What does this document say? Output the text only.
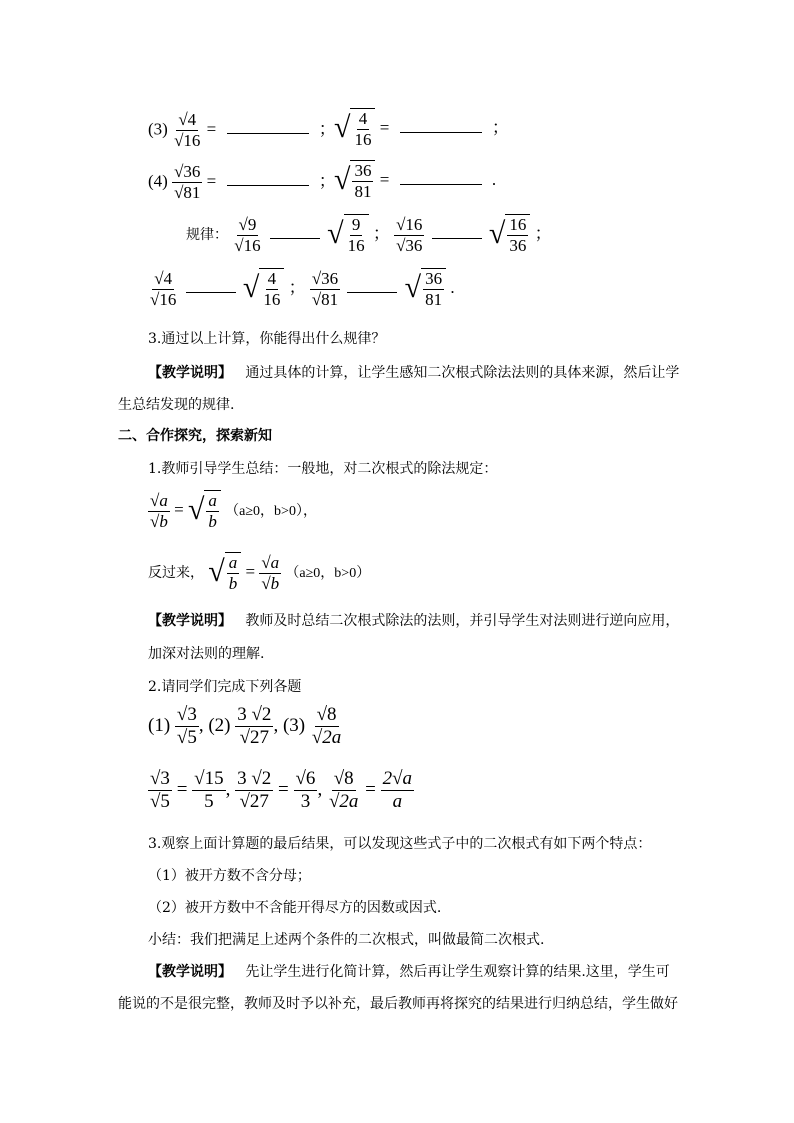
$(3) \frac{√4}{√16}$ =	；
√ $\frac{4}{16}$ =	；
$(4) \frac{√36}{√81}$ =	；
√ $\frac{36}{81}$ =	.
规律： $\frac{√9}{√16}$
√ $\frac{9}{16}$ ； $\frac{√16}{√36}$
√ $\frac{16}{36}$ ；
$\frac{√4}{√16}$
√ $\frac{4}{16}$ ； $\frac{√36}{√81}$
√ $\frac{36}{81}$ .
3.通过以上计算，你能得出什么规律？
【教学说明】 通过具体的计算，让学生感知二次根式除法法则的具体来源，然后让学
生总结发现的规律.
二、合作探究，探索新知
1.教师引导学生总结：一般地，对二次根式的除法规定：
$\frac{√a}{√b}$ = √ $\frac{a}{b} (a\ge 0$，b>0），
反过来， √ $\frac{a}{b} = \frac{√a}{√b} (a\ge 0$，b>0）
【教学说明】 教师及时总结二次根式除法的法则，并引导学生对法则进行逆向应用，
加深对法则的理解.
2.请同学们完成下列各题
$(1) \frac{√3}{√5}$ , $(2) \frac{3 √2}{√27}$ , $(3) \frac{√8}{√2a}$
$\frac{√3}{√5} = \frac{√15}{5}$ , $\frac{3 √2}{√27} = \frac{√6}{3}$ , $\frac{√8}{√2a} = \frac{2√a}{a}$
3.观察上面计算题的最后结果，可以发现这些式子中的二次根式有如下两个特点：
（1）被开方数不含分母；
（2）被开方数中不含能开得尽方的因数或因式.
小结：我们把满足上述两个条件的二次根式，叫做最简二次根式.
【教学说明】 先让学生进行化简计算，然后再让学生观察计算的结果.这里，学生可
能说的不是很完整，教师及时予以补充，最后教师再将探究的结果进行归纳总结，学生做好
